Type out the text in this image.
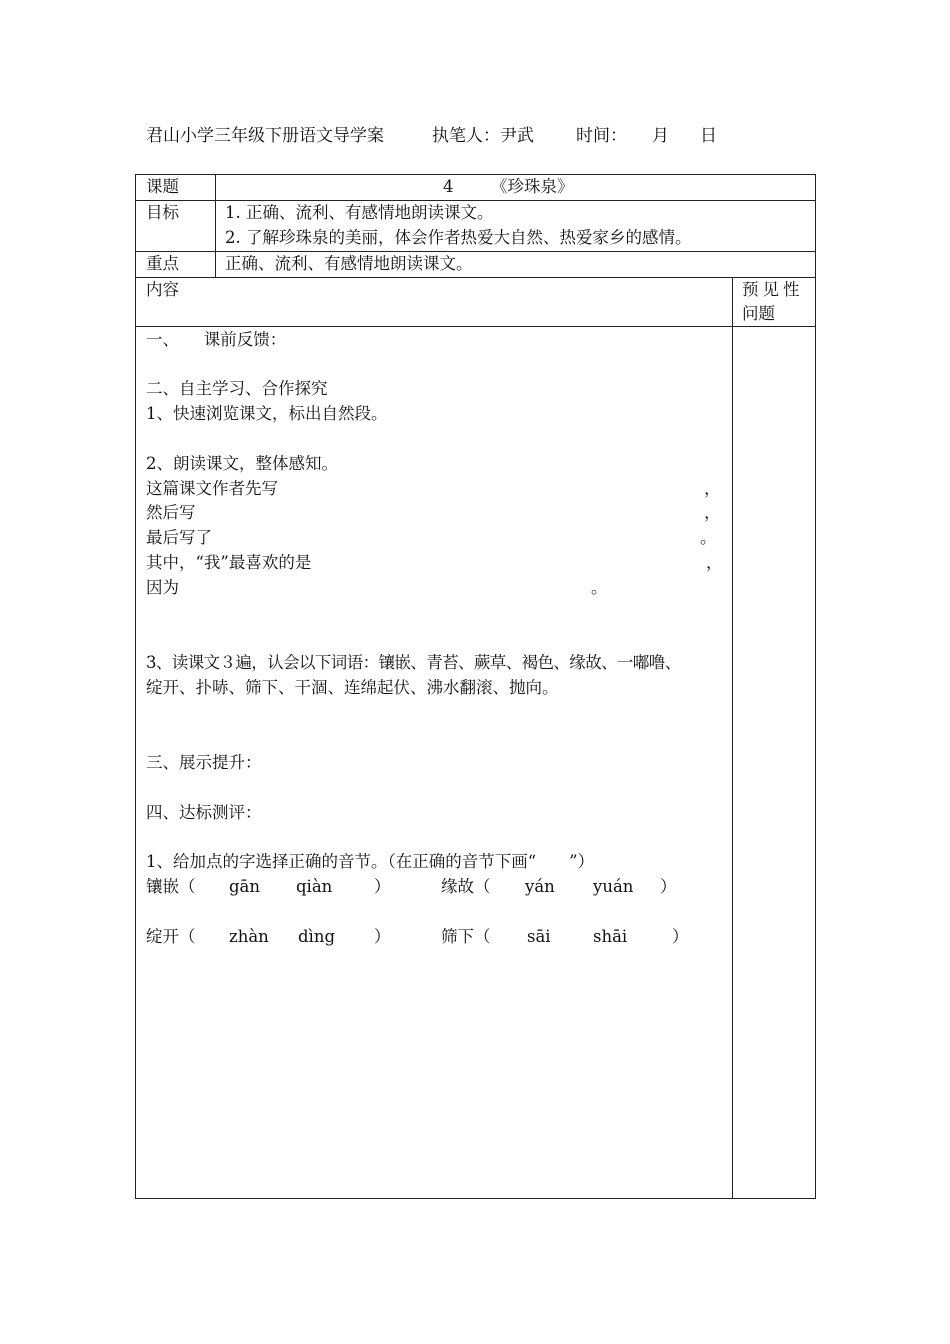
君山小学三年级下册语文导学案	执笔人：尹武 时间： 月 日
课题	4 《珍珠泉》
目标	1. 正确、流利、有感情地朗读课文。
2. 了解珍珠泉的美丽，体会作者热爱大自然、热爱家乡的感情。
重点	正确、流利、有感情地朗读课文。
内容	预见性
问题
一、　　课前反馈：
二、自主学习、合作探究
1、快速浏览课文，标出自然段。
2、朗读课文，整体感知。
这篇课文作者先写	，
然后写	，
最后写了	。
其中，“我”最喜欢的是	，
因为	。
3、读课文３遍，认会以下词语：镶嵌、青苔、蕨草、褐色、缘故、一嘟噜、
绽开、扑哧、筛下、干涸、连绵起伏、沸水翻滚、抛向。
三、展示提升：
四、达标测评：
1、给加点的字选择正确的音节。（在正确的音节下画“　　”）
镶嵌（ gān qiàn	）	缘故（ yán yuán ）
绽开（ zhàn dìng ）	筛下（ sāi	shāi	）
